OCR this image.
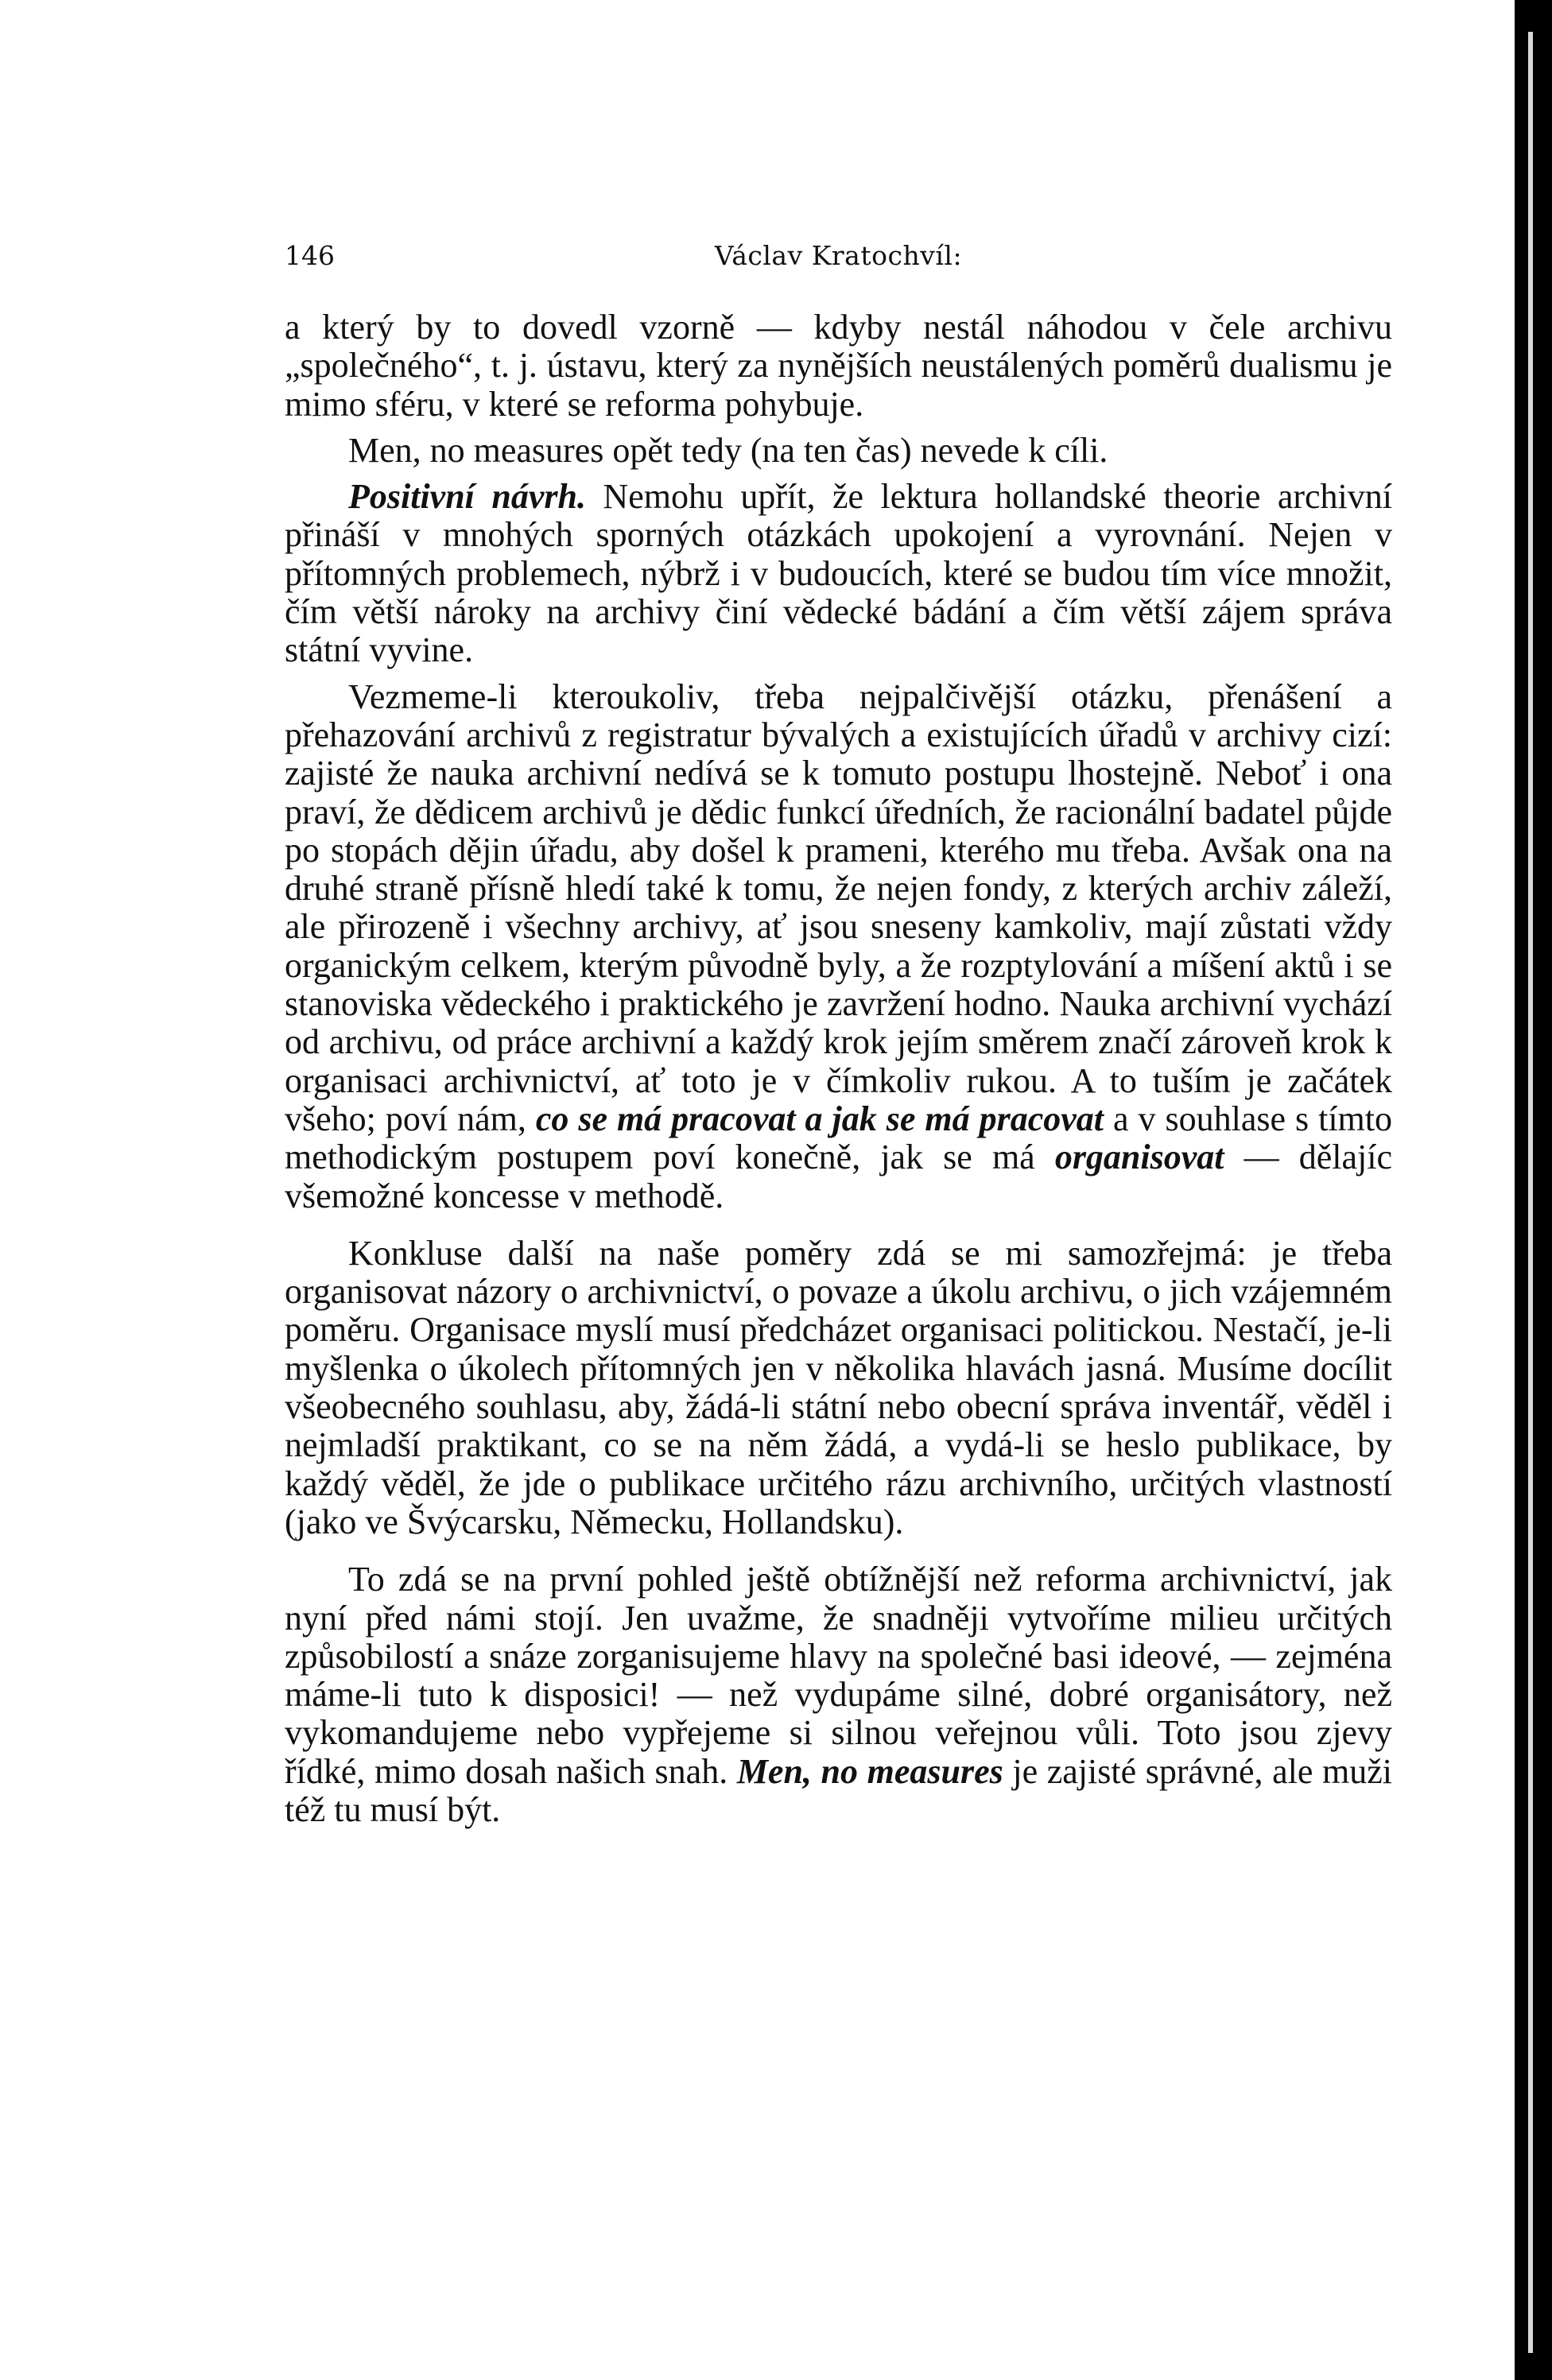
146	Václav Kratochvíl:

a který by to dovedl vzorně — kdyby nestál náhodou v čele archivu „společného“, t. j. ústavu, který za nynějších neustálených poměrů dualismu je mimo sféru, v které se reforma pohybuje.

Men, no measures opět tedy (na ten čas) nevede k cíli.

Positivní návrh. Nemohu upřít, že lektura hollandské theorie archivní přináší v mnohých sporných otázkách upokojení a vyrovnání. Nejen v přítomných problemech, nýbrž i v budoucích, které se budou tím více množit, čím větší nároky na archivy činí vědecké bádání a čím větší zájem správa státní vyvine.

Vezmeme-li kteroukoliv, třeba nejpalčivější otázku, přenášení a přehazování archivů z registratur bývalých a existujících úřadů v archivy cizí: zajisté že nauka archivní nedívá se k tomuto postupu lhostejně. Neboť i ona praví, že dědicem archivů je dědic funkcí úředních, že racionální badatel půjde po stopách dějin úřadu, aby došel k prameni, kterého mu třeba. Avšak ona na druhé straně přísně hledí také k tomu, že nejen fondy, z kterých archiv záleží, ale přirozeně i všechny archivy, ať jsou sneseny kamkoliv, mají zůstati vždy organickým celkem, kterým původně byly, a že rozptylování a míšení aktů i se stanoviska vědeckého i praktického je zavržení hodno. Nauka archivní vychází od archivu, od práce archivní a každý krok jejím směrem značí zároveň krok k organisaci archivnictví, ať toto je v čímkoliv rukou. A to tuším je začátek všeho; poví nám, co se má pracovat a jak se má pracovat a v souhlase s tímto methodickým postupem poví konečně, jak se má organisovat — dělajíc všemožné koncesse v methodě.

Konkluse další na naše poměry zdá se mi samozřejmá: je třeba organisovat názory o archivnictví, o povaze a úkolu archivu, o jich vzájemném poměru. Organisace myslí musí předcházet organisaci politickou. Nestačí, je-li myšlenka o úkolech přítomných jen v několika hlavách jasná. Musíme docílit všeobecného souhlasu, aby, žádá-li státní nebo obecní správa inventář, věděl i nejmladší praktikant, co se na něm žádá, a vydá-li se heslo publikace, by každý věděl, že jde o publikace určitého rázu archivního, určitých vlastností (jako ve Švýcarsku, Německu, Hollandsku).

To zdá se na první pohled ještě obtížnější než reforma archivnictví, jak nyní před námi stojí. Jen uvažme, že snadněji vytvoříme milieu určitých způsobilostí a snáze zorganisujeme hlavy na společné basi ideové, — zejména máme-li tuto k disposici! — než vydupáme silné, dobré organisátory, než vykomandujeme nebo vypřejeme si silnou veřejnou vůli. Toto jsou zjevy řídké, mimo dosah našich snah. Men, no measures je zajisté správné, ale muži též tu musí být.
